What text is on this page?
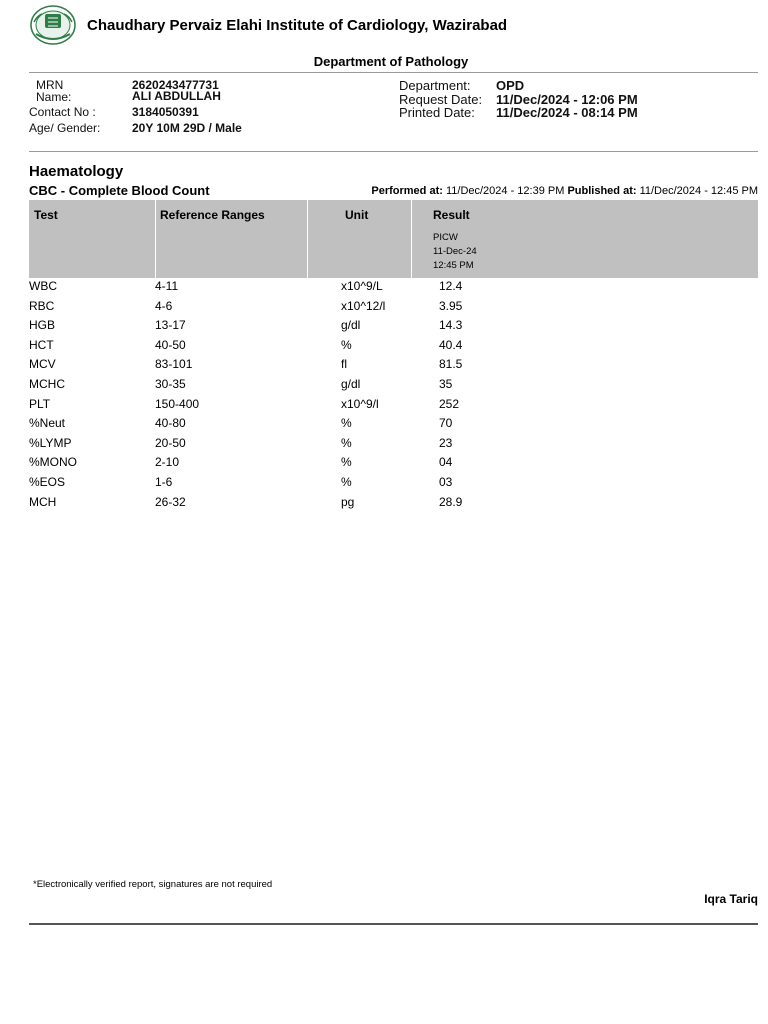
Chaudhary Pervaiz Elahi Institute of Cardiology, Wazirabad
Department of Pathology
MRN	2620243477731
Name:	ALI ABDULLAH
Contact No :	3184050391
Age/ Gender:	20Y 10M 29D / Male
Department: OPD
Request Date: 11/Dec/2024 - 12:06 PM
Printed Date: 11/Dec/2024 - 08:14 PM
Haematology
CBC - Complete Blood Count	Performed at: 11/Dec/2024 - 12:39 PM Published at: 11/Dec/2024 - 12:45 PM
Test	Reference Ranges	Unit	Result
PICW
11-Dec-24
12:45 PM
WBC	4-11	x10^9/L	12.4
RBC	4-6	x10^12/l	3.95
HGB	13-17	g/dl	14.3
HCT	40-50	%	40.4
MCV	83-101	fl	81.5
MCHC	30-35	g/dl	35
PLT	150-400	x10^9/l	252
%Neut	40-80	%	70
%LYMP	20-50	%	23
%MONO	2-10	%	04
%EOS	1-6	%	03
MCH	26-32	pg	28.9
*Electronically verified report, signatures are not required
Iqra Tariq
